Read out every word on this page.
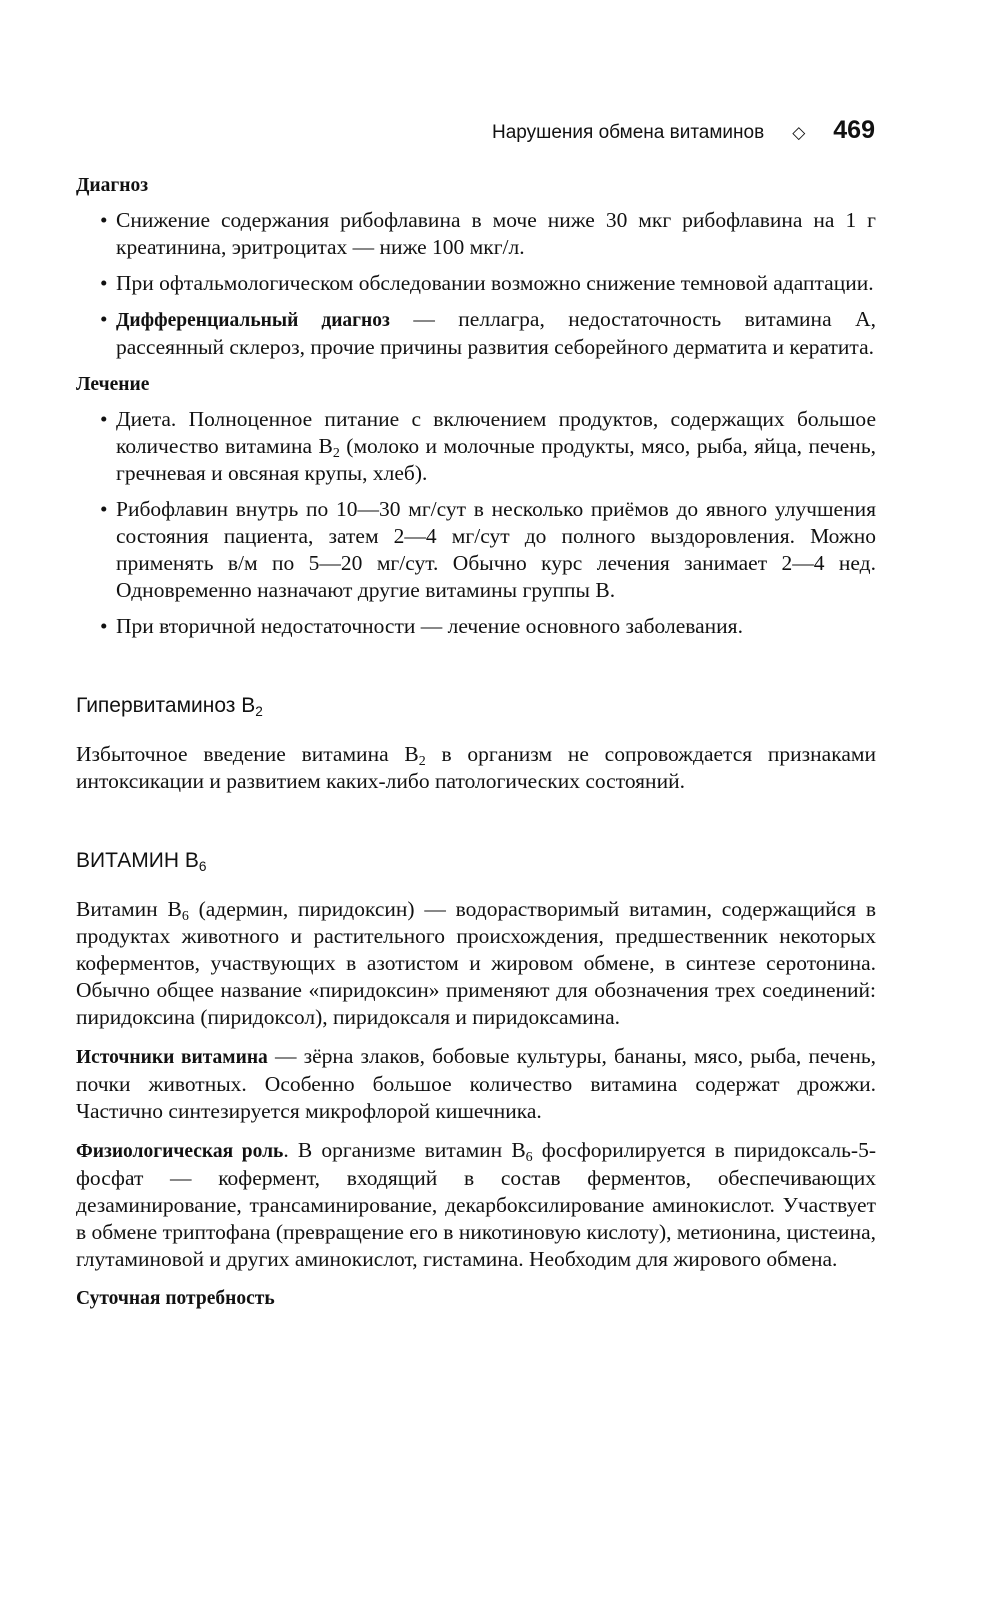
Нарушения обмена витаминов ◇ 469
Диагноз
• Снижение содержания рибофлавина в моче ниже 30 мкг рибофлавина на 1 г креатинина, эритроцитах — ниже 100 мкг/л.
• При офтальмологическом обследовании возможно снижение темновой адаптации.
• Дифференциальный диагноз — пеллагра, недостаточность витамина А, рассеянный склероз, прочие причины развития себорейного дерматита и кератита.
Лечение
• Диета. Полноценное питание с включением продуктов, содержащих большое количество витамина $В_2$ (молоко и молочные продукты, мясо, рыба, яйца, печень, гречневая и овсяная крупы, хлеб).
• Рибофлавин внутрь по 10—30 мг/сут в несколько приёмов до явного улучшения состояния пациента, затем 2—4 мг/сут до полного выздоровления. Можно применять в/м по 5—20 мг/сут. Обычно курс лечения занимает 2—4 нед. Одновременно назначают другие витамины группы В.
• При вторичной недостаточности — лечение основного заболевания.
Гипервитаминоз $В_2$

Избыточное введение витамина $В_2$ в организм не сопровождается признаками интоксикации и развитием каких-либо патологических состояний.

ВИТАМИН $В_6$

Витамин $В_6$ (адермин, пиридоксин) — водорастворимый витамин, содержащийся в продуктах животного и растительного происхождения, предшественник некоторых коферментов, участвующих в азотистом и жировом обмене, в синтезе серотонина. Обычно общее название «пиридоксин» применяют для обозначения трех соединений: пиридоксина (пиридоксол), пиридоксаля и пиридоксамина.

Источники витамина — зёрна злаков, бобовые культуры, бананы, мясо, рыба, печень, почки животных. Особенно большое количество витамина содержат дрожжи. Частично синтезируется микрофлорой кишечника.

Физиологическая роль. В организме витамин $В_6$ фосфорилируется в пиридоксаль-5-фосфат — кофермент, входящий в состав ферментов, обеспечивающих дезаминирование, трансаминирование, декарбоксилирование аминокислот. Участвует в обмене триптофана (превращение его в никотиновую кислоту), метионина, цистеина, глутаминовой и других аминокислот, гистамина. Необходим для жирового обмена.

Суточная потребность
